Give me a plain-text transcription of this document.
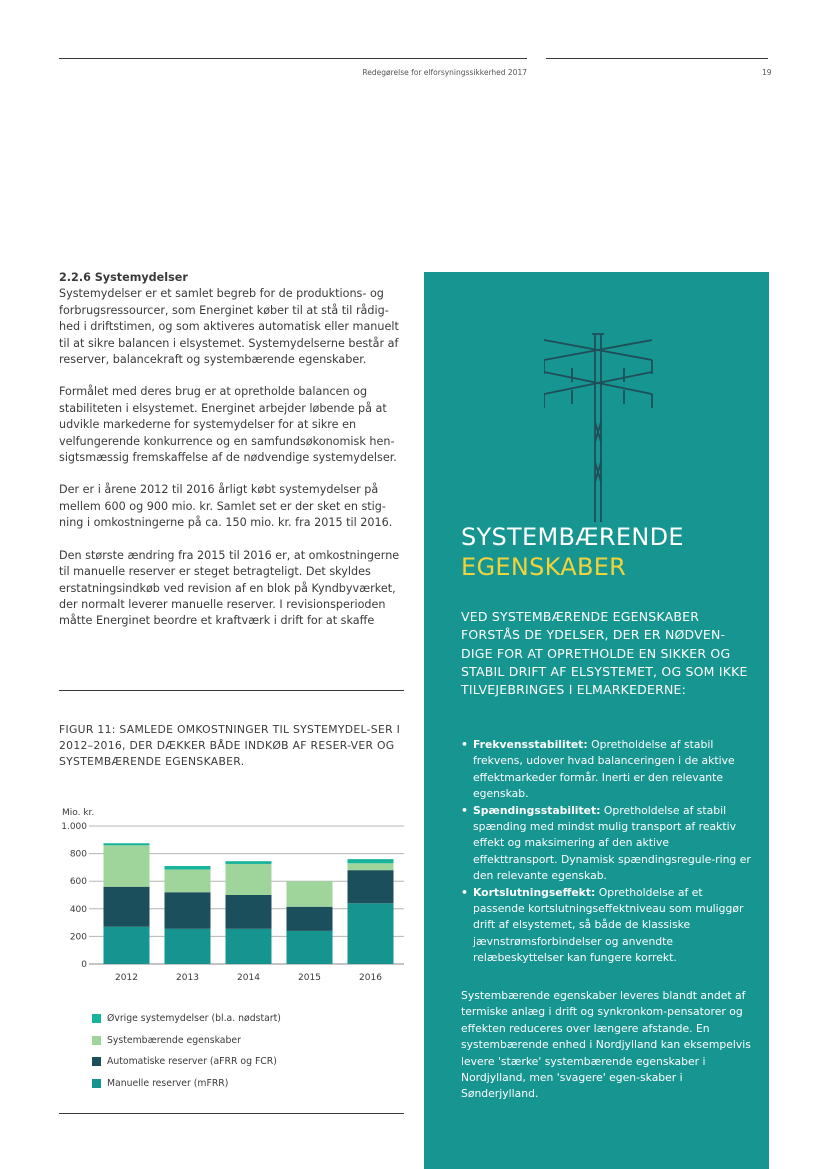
Redegørelse for elforsyningssikkerhed 2017	19

2.2.6 Systemydelser
Systemydelser er et samlet begreb for de produktions- og forbrugsressourcer, som Energinet køber til at stå til rådig-hed i driftstimen, og som aktiveres automatisk eller manuelt til at sikre balancen i elsystemet. Systemydelserne består af reserver, balancekraft og systembærende egenskaber.

Formålet med deres brug er at opretholde balancen og stabiliteten i elsystemet. Energinet arbejder løbende på at udvikle markederne for systemydelser for at sikre en velfungerende konkurrence og en samfundsøkonomisk hen-sigtsmæssig fremskaffelse af de nødvendige systemydelser.

Der er i årene 2012 til 2016 årligt købt systemydelser på mellem 600 og 900 mio. kr. Samlet set er der sket en stig-ning i omkostningerne på ca. 150 mio. kr. fra 2015 til 2016.

Den største ændring fra 2015 til 2016 er, at omkostningerne til manuelle reserver er steget betragteligt. Det skyldes erstatningsindkøb ved revision af en blok på Kyndbyværket, der normalt leverer manuelle reserver. I revisionsperioden måtte Energinet beordre et kraftværk i drift for at skaffe

FIGUR 11: SAMLEDE OMKOSTNINGER TIL SYSTEMYDEL-SER I 2012–2016, DER DÆKKER BÅDE INDKØB AF RESER-VER OG SYSTEMBÆRENDE EGENSKABER.
Mio. kr.
0
200
400
600
800
1.000
2012	2013	2014	2015	2016
Øvrige systemydelser (bl.a. nødstart)
Systembærende egenskaber
Automatiske reserver (aFRR og FCR)
Manuelle reserver (mFRR)
SYSTEMBÆRENDE
EGENSKABER
VED SYSTEMBÆRENDE EGENSKABER FORSTÅS DE YDELSER, DER ER NØDVEN-DIGE FOR AT OPRETHOLDE EN SIKKER OG STABIL DRIFT AF ELSYSTEMET, OG SOM IKKE TILVEJEBRINGES I ELMARKEDERNE:
• Frekvensstabilitet: Opretholdelse af stabil frekvens, udover hvad balanceringen i de aktive effektmarkeder formår. Inerti er den relevante egenskab.
• Spændingsstabilitet: Opretholdelse af stabil spænding med mindst mulig transport af reaktiv effekt og maksimering af den aktive effekttransport. Dynamisk spændingsregule-ring er den relevante egenskab.
• Kortslutningseffekt: Opretholdelse af et passende kortslutningseffektniveau som muliggør drift af elsystemet, så både de klassiske jævnstrømsforbindelser og anvendte relæbeskyttelser kan fungere korrekt.
Systembærende egenskaber leveres blandt andet af termiske anlæg i drift og synkronkom-pensatorer og effekten reduceres over længere afstande. En systembærende enhed i Nordjylland kan eksempelvis levere 'stærke' systembærende egenskaber i Nordjylland, men 'svagere' egen-skaber i Sønderjylland.
